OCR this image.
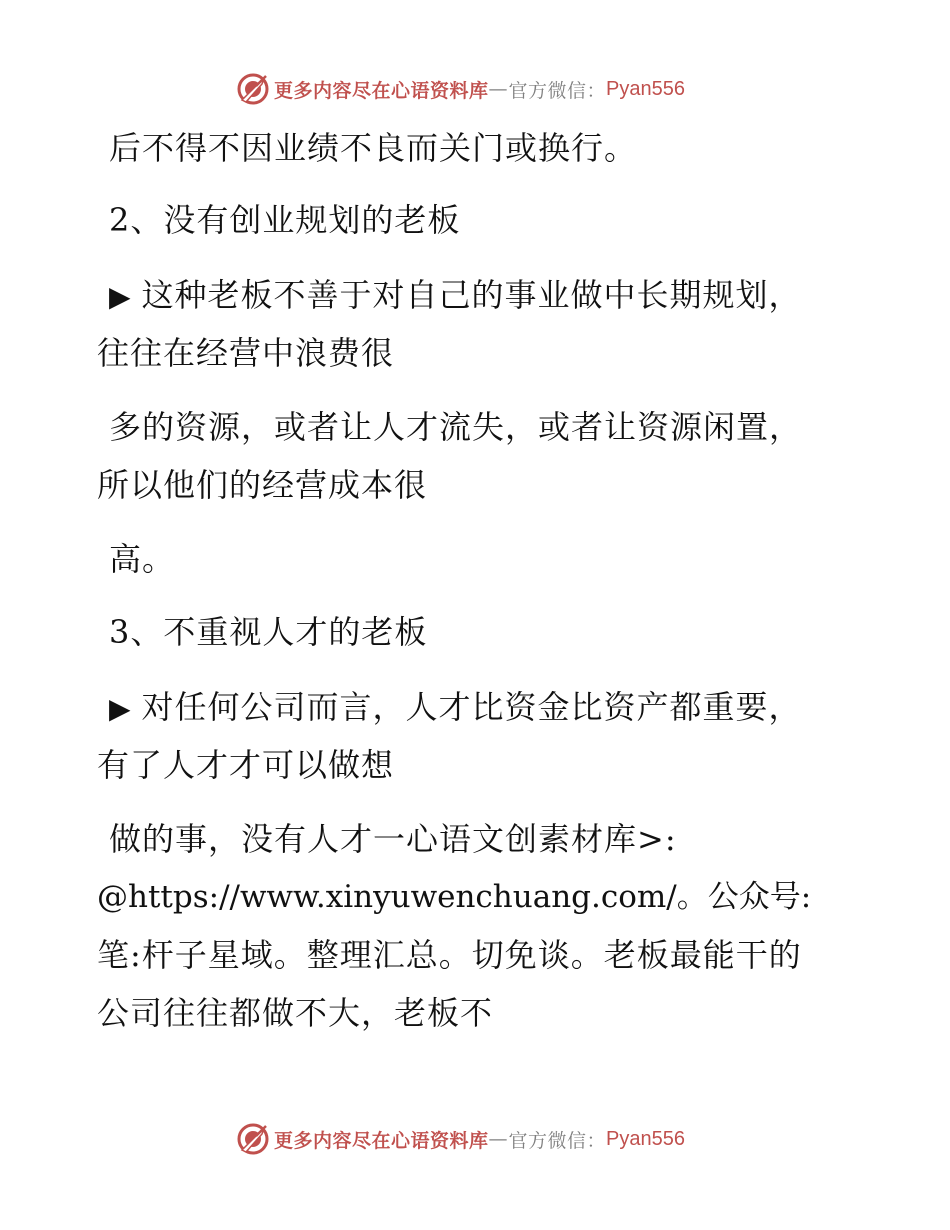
更多内容尽在心语资料库 — 官方微信： Pyan556
后不得不因业绩不良而关门或换行。
2、没有创业规划的老板
▶ 这种老板不善于对自己的事业做中长期规划，
往往在经营中浪费很
多的资源，或者让人才流失，或者让资源闲置，
所以他们的经营成本很
高。
3、不重视人才的老板
▶ 对任何公司而言，人才比资金比资产都重要，
有了人才才可以做想
做的事，没有人才一心语文创素材库>:
@https://www.xinyuwenchuang.com/。公众号:
笔:杆子星域。整理汇总。切免谈。老板最能干的
公司往往都做不大，老板不
更多内容尽在心语资料库 — 官方微信： Pyan556
